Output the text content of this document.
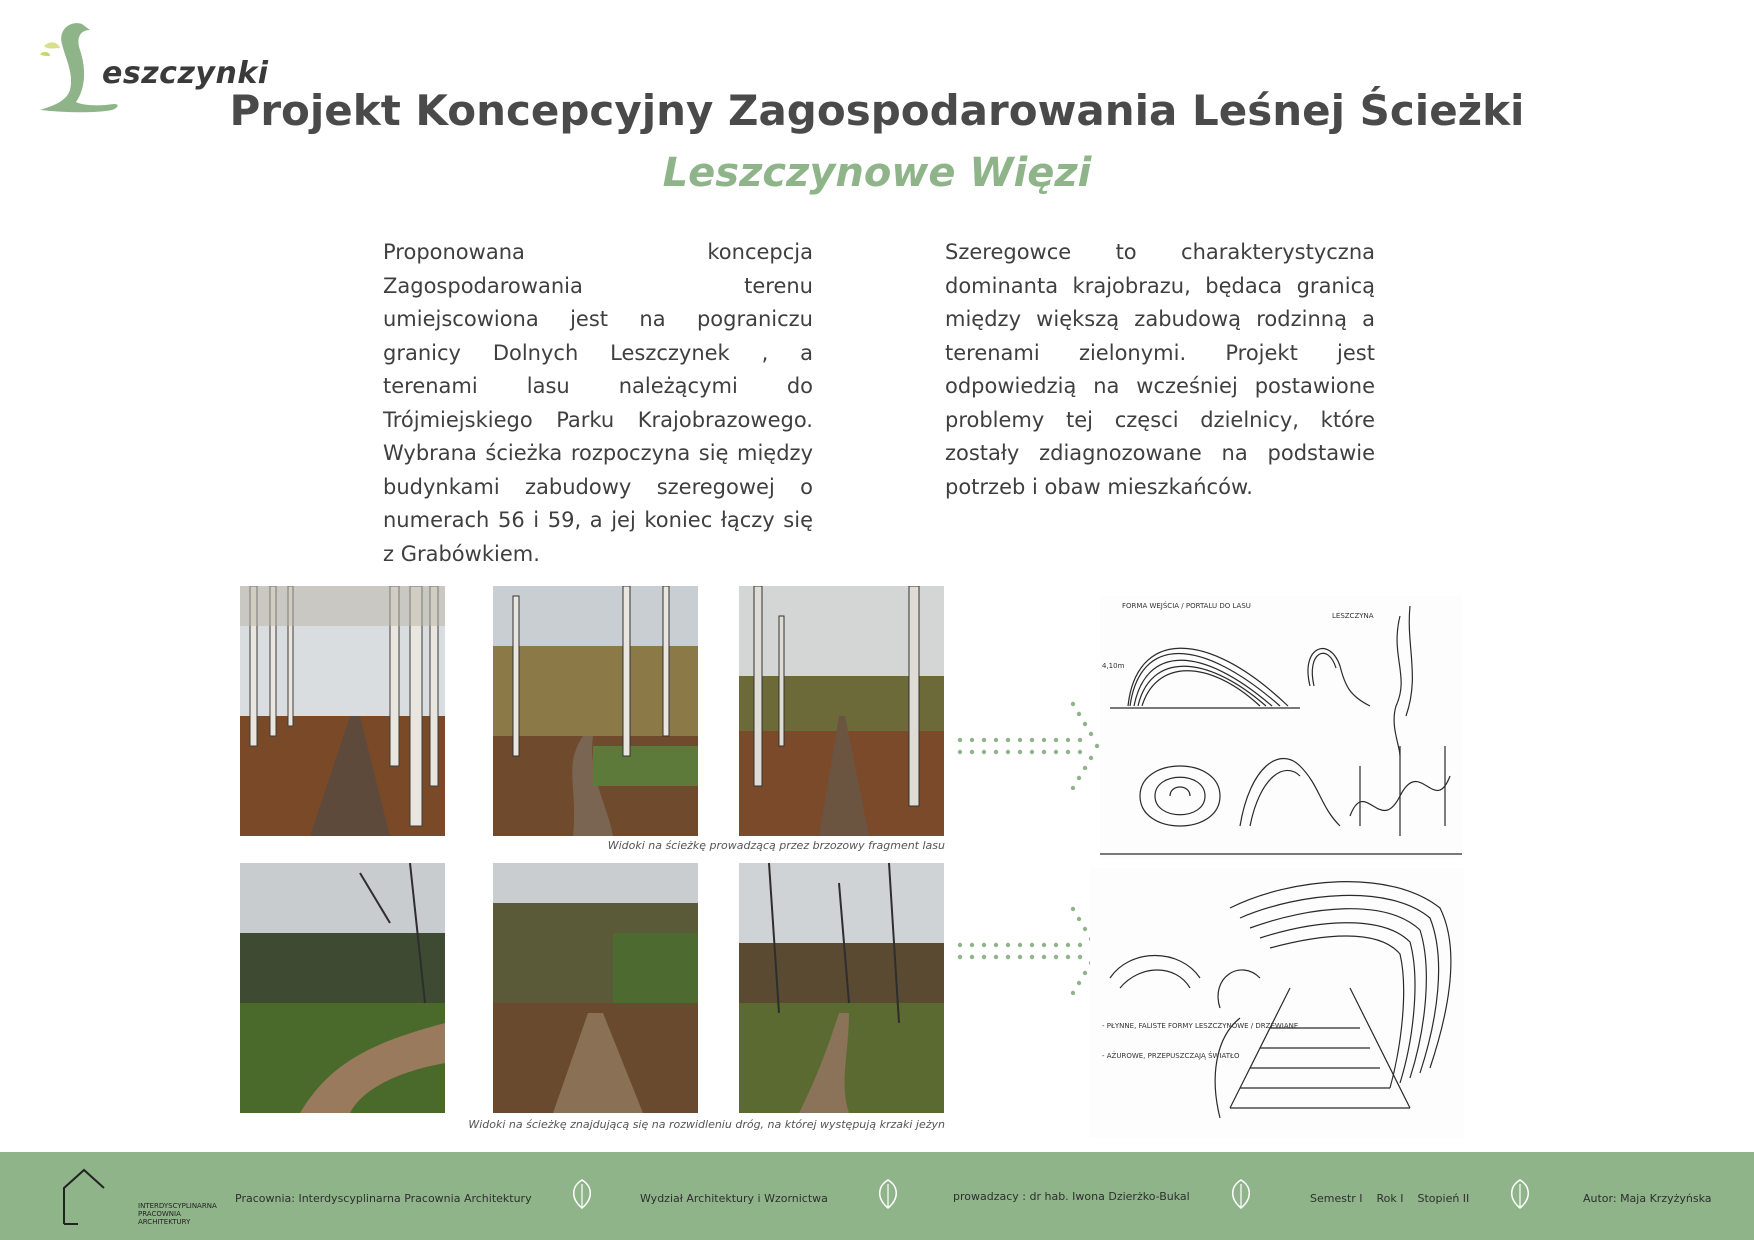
eszczynki
Projekt Koncepcyjny Zagospodarowania Leśnej Ścieżki
Leszczynowe Więzi

Proponowana koncepcja Zagospodarowania terenu umiejscowiona jest na pograniczu granicy Dolnych Leszczynek , a terenami lasu należącymi do Trójmiejskiego Parku Krajobrazowego. Wybrana ścieżka rozpoczyna się między budynkami zabudowy szeregowej o numerach 56 i 59, a jej koniec łączy się z Grabówkiem.

Szeregowce to charakterystyczna dominanta krajobrazu, będaca granicą między większą zabudową rodzinną a terenami zielonymi. Projekt jest odpowiedzią na wcześniej postawione problemy tej częsci dzielnicy, które zostały zdiagnozowane na podstawie potrzeb i obaw mieszkańców.

Widoki na ścieżkę prowadzącą przez brzozowy fragment lasu
Widoki na ścieżkę znajdującą się na rozwidleniu dróg, na której występują krzaki jeżyn
FORMA WEJŚCIA / PORTALU DO LASU
LESZCZYNA
4,10m
- PŁYNNE, FALISTE FORMY LESZCZYNOWE / DRZEWIANE
- AŻUROWE, PRZEPUSZCZAJĄ ŚWIATŁO
INTERDYSCYPLINARNA
PRACOWNIA ARCHITEKTURY
Pracownia: Interdyscyplinarna Pracownia Architektury	Wydział Architektury i Wzornictwa	prowadzacy : dr hab. Iwona Dzierżko-Bukal	Semestr I    Rok I    Stopień II	Autor: Maja Krzyżyńska
